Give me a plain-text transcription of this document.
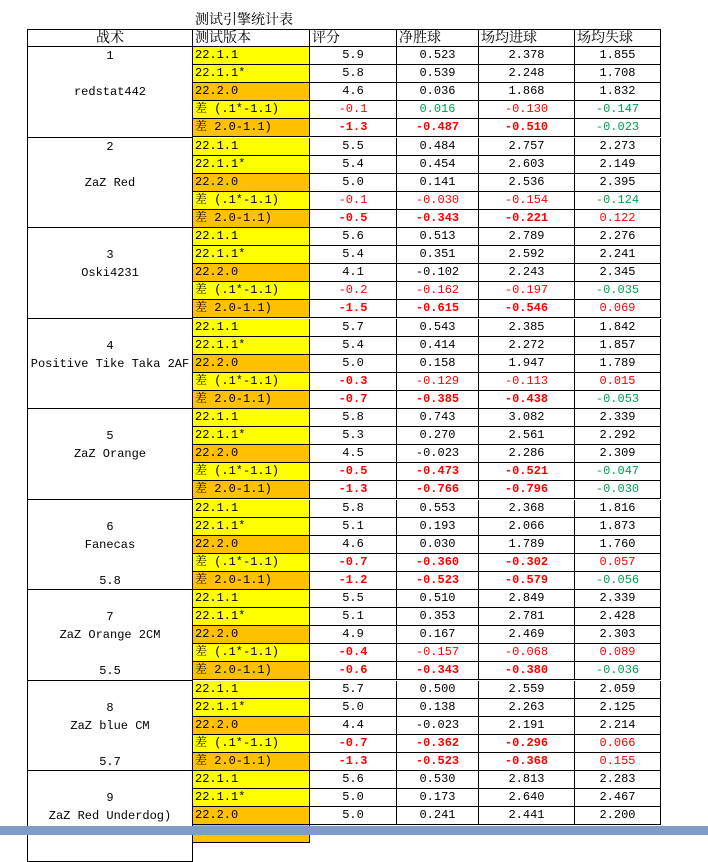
测试引擎统计表
战术	测试版本	评分	净胜球	场均进球	场均失球
1
redstat442
22.1.1	5.9	0.523	2.378	1.855
22.1.1*	5.8	0.539	2.248	1.708
22.2.0	4.6	0.036	1.868	1.832
差 (.1*-1.1)	-0.1	0.016	-0.130	-0.147
差 2.0-1.1)	-1.3	-0.487	-0.510	-0.023
2
ZaZ Red
22.1.1	5.5	0.484	2.757	2.273
22.1.1*	5.4	0.454	2.603	2.149
22.2.0	5.0	0.141	2.536	2.395
差 (.1*-1.1)	-0.1	-0.030	-0.154	-0.124
差 2.0-1.1)	-0.5	-0.343	-0.221	0.122
3
Oski4231
22.1.1	5.6	0.513	2.789	2.276
22.1.1*	5.4	0.351	2.592	2.241
22.2.0	4.1	-0.102	2.243	2.345
差 (.1*-1.1)	-0.2	-0.162	-0.197	-0.035
差 2.0-1.1)	-1.5	-0.615	-0.546	0.069
4
Positive Tike Taka 2AF
22.1.1	5.7	0.543	2.385	1.842
22.1.1*	5.4	0.414	2.272	1.857
22.2.0	5.0	0.158	1.947	1.789
差 (.1*-1.1)	-0.3	-0.129	-0.113	0.015
差 2.0-1.1)	-0.7	-0.385	-0.438	-0.053
5
ZaZ Orange
22.1.1	5.8	0.743	3.082	2.339
22.1.1*	5.3	0.270	2.561	2.292
22.2.0	4.5	-0.023	2.286	2.309
差 (.1*-1.1)	-0.5	-0.473	-0.521	-0.047
差 2.0-1.1)	-1.3	-0.766	-0.796	-0.030
6
Fanecas
5.8
22.1.1	5.8	0.553	2.368	1.816
22.1.1*	5.1	0.193	2.066	1.873
22.2.0	4.6	0.030	1.789	1.760
差 (.1*-1.1)	-0.7	-0.360	-0.302	0.057
差 2.0-1.1)	-1.2	-0.523	-0.579	-0.056
7
ZaZ Orange 2CM
5.5
22.1.1	5.5	0.510	2.849	2.339
22.1.1*	5.1	0.353	2.781	2.428
22.2.0	4.9	0.167	2.469	2.303
差 (.1*-1.1)	-0.4	-0.157	-0.068	0.089
差 2.0-1.1)	-0.6	-0.343	-0.380	-0.036
8
ZaZ blue CM
5.7
22.1.1	5.7	0.500	2.559	2.059
22.1.1*	5.0	0.138	2.263	2.125
22.2.0	4.4	-0.023	2.191	2.214
差 (.1*-1.1)	-0.7	-0.362	-0.296	0.066
差 2.0-1.1)	-1.3	-0.523	-0.368	0.155
9
ZaZ Red Underdog)
22.1.1	5.6	0.530	2.813	2.283
22.1.1*	5.0	0.173	2.640	2.467
22.2.0	5.0	0.241	2.441	2.200
